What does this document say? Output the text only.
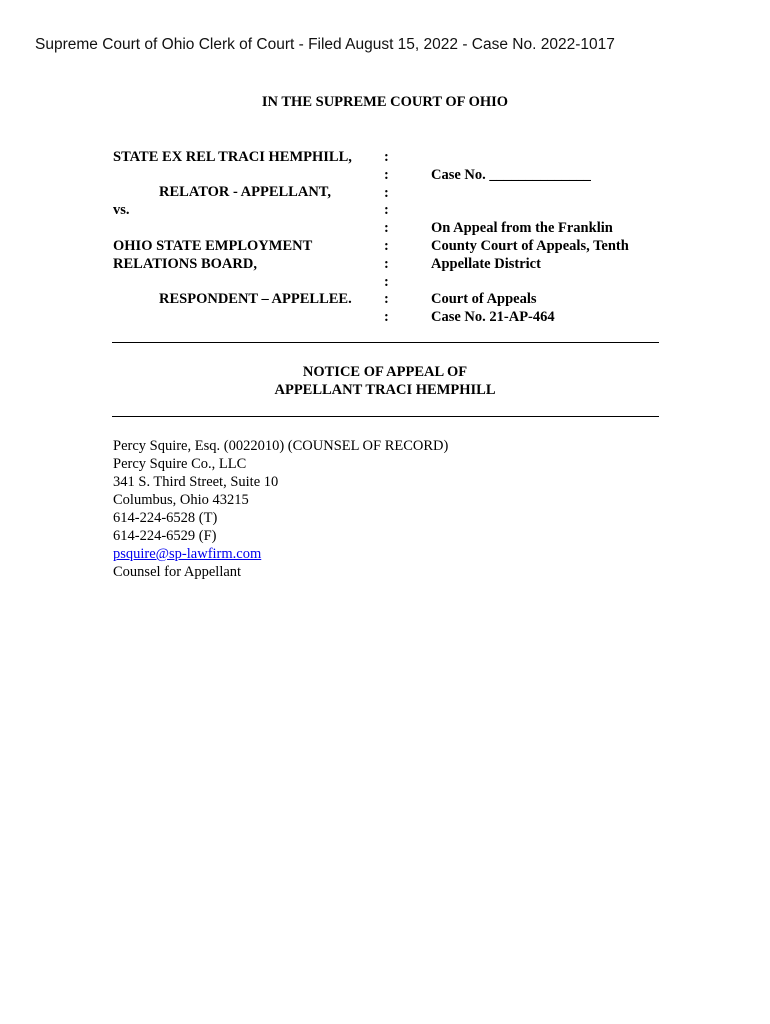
Supreme Court of Ohio Clerk of Court - Filed August 15, 2022 - Case No. 2022-1017
IN THE SUPREME COURT OF OHIO
STATE EX REL TRACI HEMPHILL,
RELATOR - APPELLANT,
vs.
OHIO STATE EMPLOYMENT
RELATIONS BOARD,
RESPONDENT – APPELLEE.
:
:
:
:
:
:
:
:
:
:
Case No. ______________
On Appeal from the Franklin
County Court of Appeals, Tenth
Appellate District
Court of Appeals
Case No. 21-AP-464
NOTICE OF APPEAL OF
APPELLANT TRACI HEMPHILL
Percy Squire, Esq. (0022010) (COUNSEL OF RECORD)
Percy Squire Co., LLC
341 S. Third Street, Suite 10
Columbus, Ohio 43215
614-224-6528 (T)
614-224-6529 (F)
psquire@sp-lawfirm.com
Counsel for Appellant
